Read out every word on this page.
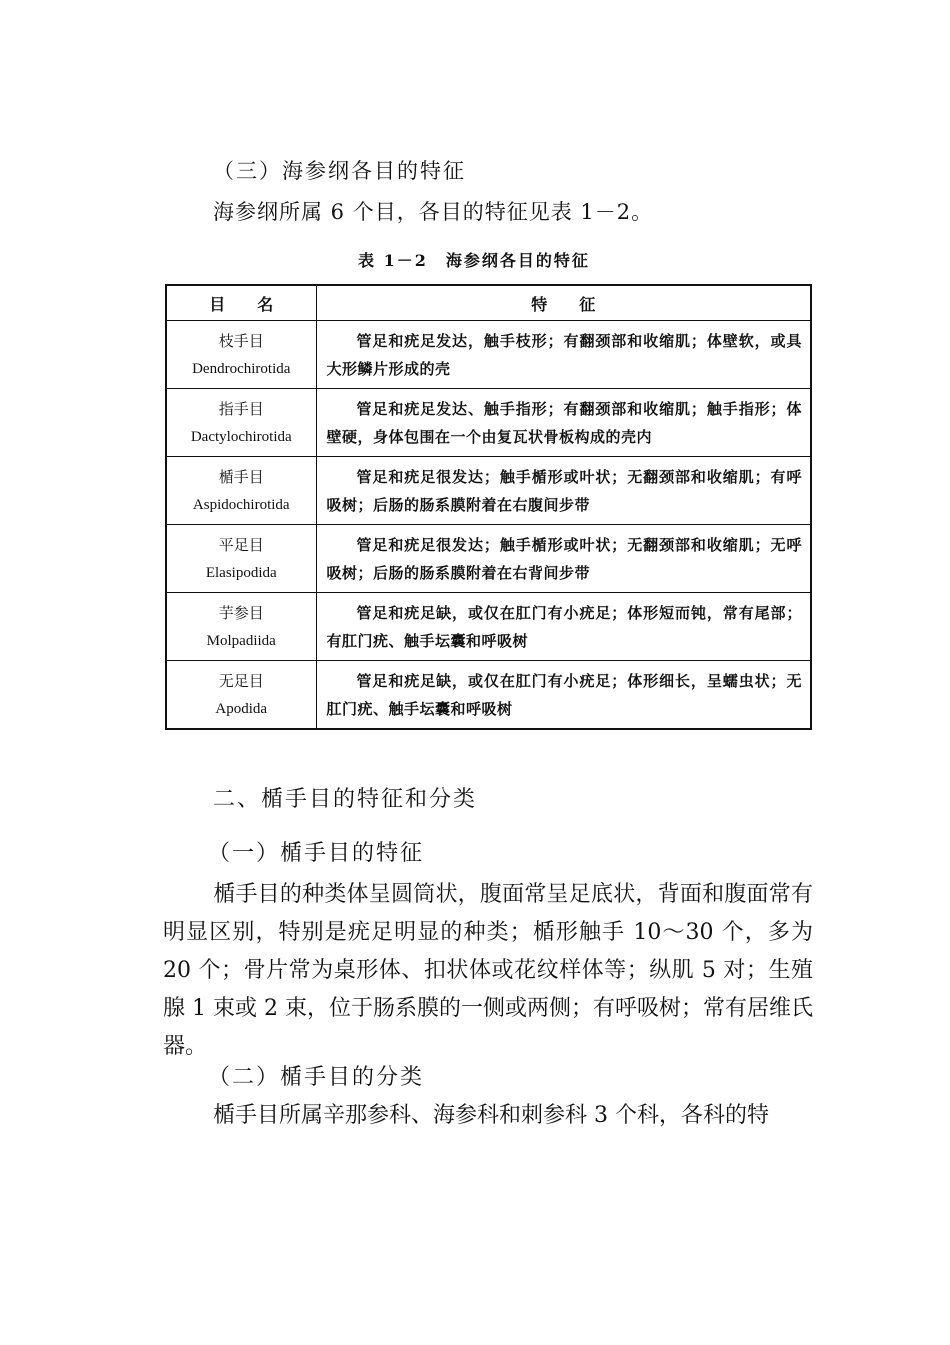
（三）海参纲各目的特征
海参纲所属 6 个目，各目的特征见表 1－2。
表 1－2　海参纲各目的特征
目　　名	特　　征

枝手目
Dendrochirotida	管足和疣足发达，触手枝形；有翻颈部和收缩肌；体壁软，或具大形鳞片形成的壳

指手目
Dactylochirotida	管足和疣足发达、触手指形；有翻颈部和收缩肌；触手指形；体壁硬，身体包围在一个由复瓦状骨板构成的壳内

楯手目
Aspidochirotida	管足和疣足很发达；触手楯形或叶状；无翻颈部和收缩肌；有呼吸树；后肠的肠系膜附着在右腹间步带

平足目
Elasipodida	管足和疣足很发达；触手楯形或叶状；无翻颈部和收缩肌；无呼吸树；后肠的肠系膜附着在右背间步带

芋参目
Molpadiida	管足和疣足缺，或仅在肛门有小疣足；体形短而钝，常有尾部；有肛门疣、触手坛囊和呼吸树

无足目
Apodida	管足和疣足缺，或仅在肛门有小疣足；体形细长，呈蠕虫状；无肛门疣、触手坛囊和呼吸树
二、楯手目的特征和分类
（一）楯手目的特征
楯手目的种类体呈圆筒状，腹面常呈足底状，背面和腹面常有明显区别，特别是疣足明显的种类；楯形触手 10～30 个，多为 20 个；骨片常为桌形体、扣状体或花纹样体等；纵肌 5 对；生殖腺 1 束或 2 束，位于肠系膜的一侧或两侧；有呼吸树；常有居维氏器。
（二）楯手目的分类
楯手目所属辛那参科、海参科和刺参科 3 个科，各科的特
